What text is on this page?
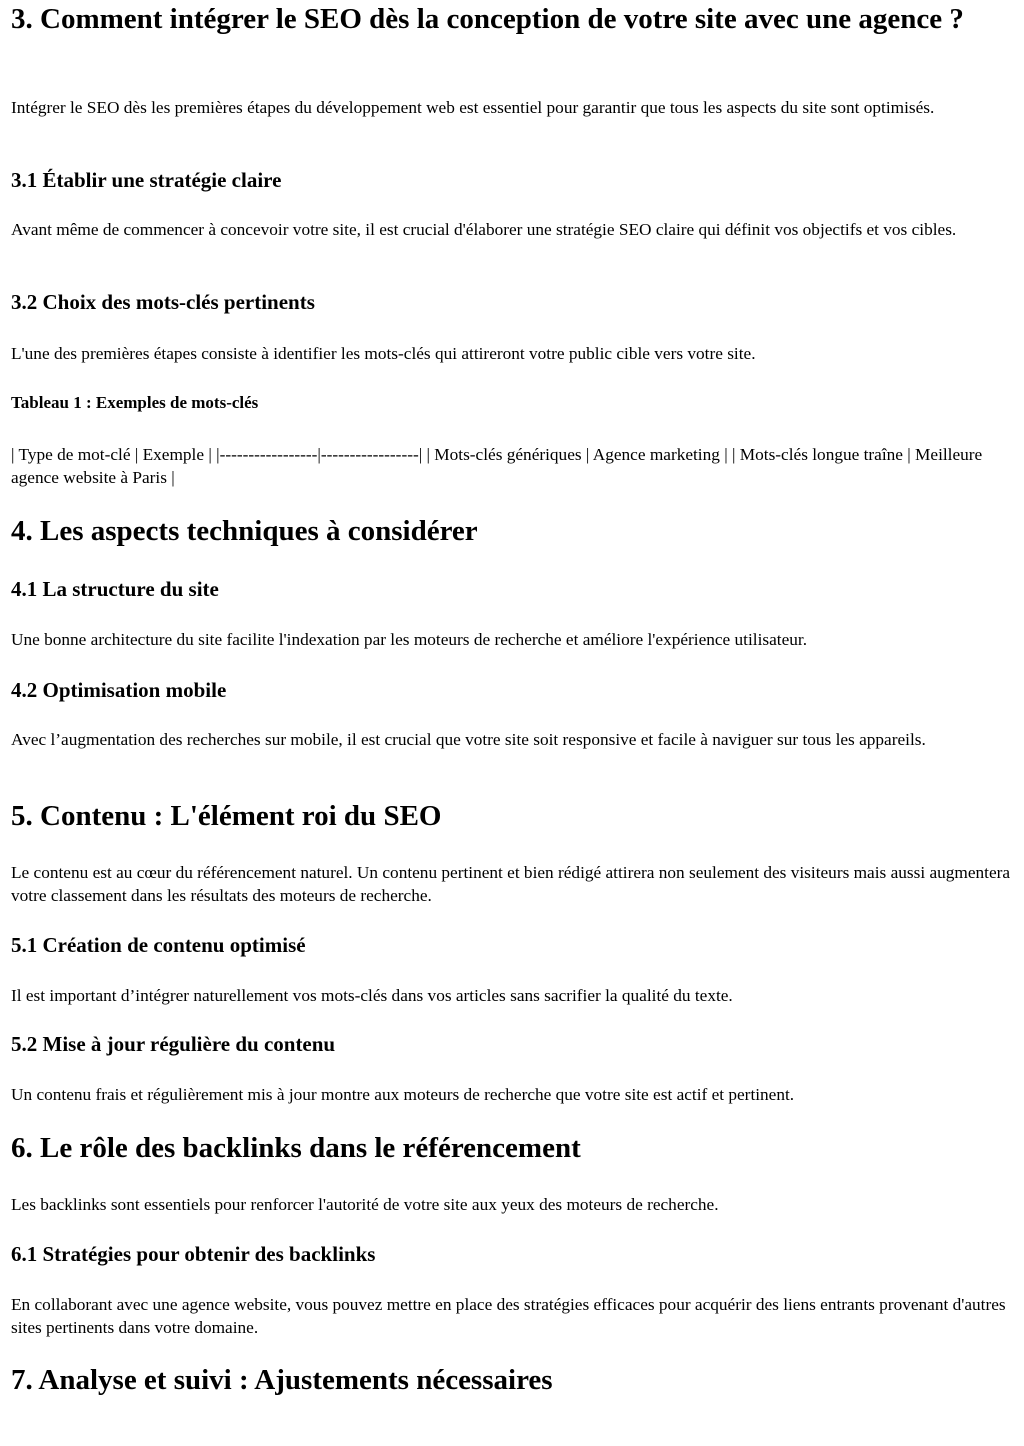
3. Comment intégrer le SEO dès la conception de votre site avec une agence ?

Intégrer le SEO dès les premières étapes du développement web est essentiel pour garantir que tous les aspects du site sont optimisés.

3.1 Établir une stratégie claire

Avant même de commencer à concevoir votre site, il est crucial d'élaborer une stratégie SEO claire qui définit vos objectifs et vos cibles.

3.2 Choix des mots-clés pertinents

L'une des premières étapes consiste à identifier les mots-clés qui attireront votre public cible vers votre site.

Tableau 1 : Exemples de mots-clés

| Type de mot-clé | Exemple | |-----------------|-----------------| | Mots-clés génériques | Agence marketing | | Mots-clés longue traîne | Meilleure agence website à Paris |

4. Les aspects techniques à considérer
4.1 La structure du site

Une bonne architecture du site facilite l'indexation par les moteurs de recherche et améliore l'expérience utilisateur.

4.2 Optimisation mobile

Avec l’augmentation des recherches sur mobile, il est crucial que votre site soit responsive et facile à naviguer sur tous les appareils.

5. Contenu : L'élément roi du SEO

Le contenu est au cœur du référencement naturel. Un contenu pertinent et bien rédigé attirera non seulement des visiteurs mais aussi augmentera votre classement dans les résultats des moteurs de recherche.

5.1 Création de contenu optimisé

Il est important d’intégrer naturellement vos mots-clés dans vos articles sans sacrifier la qualité du texte.

5.2 Mise à jour régulière du contenu

Un contenu frais et régulièrement mis à jour montre aux moteurs de recherche que votre site est actif et pertinent.

6. Le rôle des backlinks dans le référencement

Les backlinks sont essentiels pour renforcer l'autorité de votre site aux yeux des moteurs de recherche.

6.1 Stratégies pour obtenir des backlinks

En collaborant avec une agence website, vous pouvez mettre en place des stratégies efficaces pour acquérir des liens entrants provenant d'autres sites pertinents dans votre domaine.

7. Analyse et suivi : Ajustements nécessaires
